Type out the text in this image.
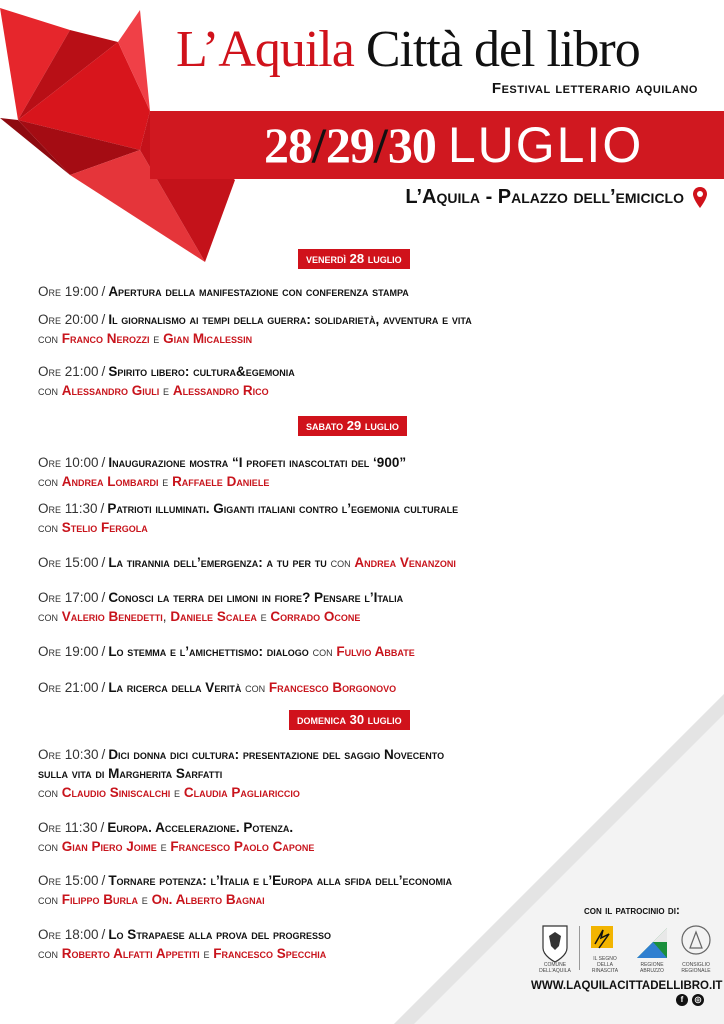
L’Aquila Città del libro
Festival letterario aquilano
28/29/30 LUGLIO
L’Aquila - Palazzo dell’emiciclo
venerdì 28 luglio
Ore 19:00 / Apertura della manifestazione con conferenza stampa
Ore 20:00 / Il giornalismo ai tempi della guerra: solidarietà, avventura e vita
con Franco Nerozzi e Gian Micalessin
Ore 21:00 / Spirito libero: cultura&egemonia
con Alessandro Giuli e Alessandro Rico
sabato 29 luglio
Ore 10:00 / Inaugurazione mostra “I profeti inascoltati del ‘900”
con Andrea Lombardi e Raffaele Daniele
Ore 11:30 / Patrioti illuminati. Giganti italiani contro l’egemonia culturale
con Stelio Fergola
Ore 15:00 / La tirannia dell’emergenza: a tu per tu con Andrea Venanzoni
Ore 17:00 / Conosci la terra dei limoni in fiore? Pensare l’Italia
con Valerio Benedetti, Daniele Scalea e Corrado Ocone
Ore 19:00 / Lo stemma e l’amichettismo: dialogo con Fulvio Abbate
Ore 21:00 / La ricerca della Verità con Francesco Borgonovo
domenica 30 luglio
Ore 10:30 / Dici donna dici cultura: presentazione del saggio Novecento
sulla vita di Margherita Sarfatti
con Claudio Siniscalchi e Claudia Pagliariccio
Ore 11:30 / Europa. Accelerazione. Potenza.
con Gian Piero Joime e Francesco Paolo Capone
Ore 15:00 / Tornare potenza: l’Italia e l’Europa alla sfida dell’economia
con Filippo Burla e On. Alberto Bagnai
Ore 18:00 / Lo Strapaese alla prova del progresso
con Roberto Alfatti Appetiti e Francesco Specchia
con il patrocinio di:
COMUNE DELL'AQUILA
IL SEGNO DELLA RINASCITA
REGIONE ABRUZZO
CONSIGLIO REGIONALE
WWW.LAQUILACITTADELLIBRO.IT
f	◎
